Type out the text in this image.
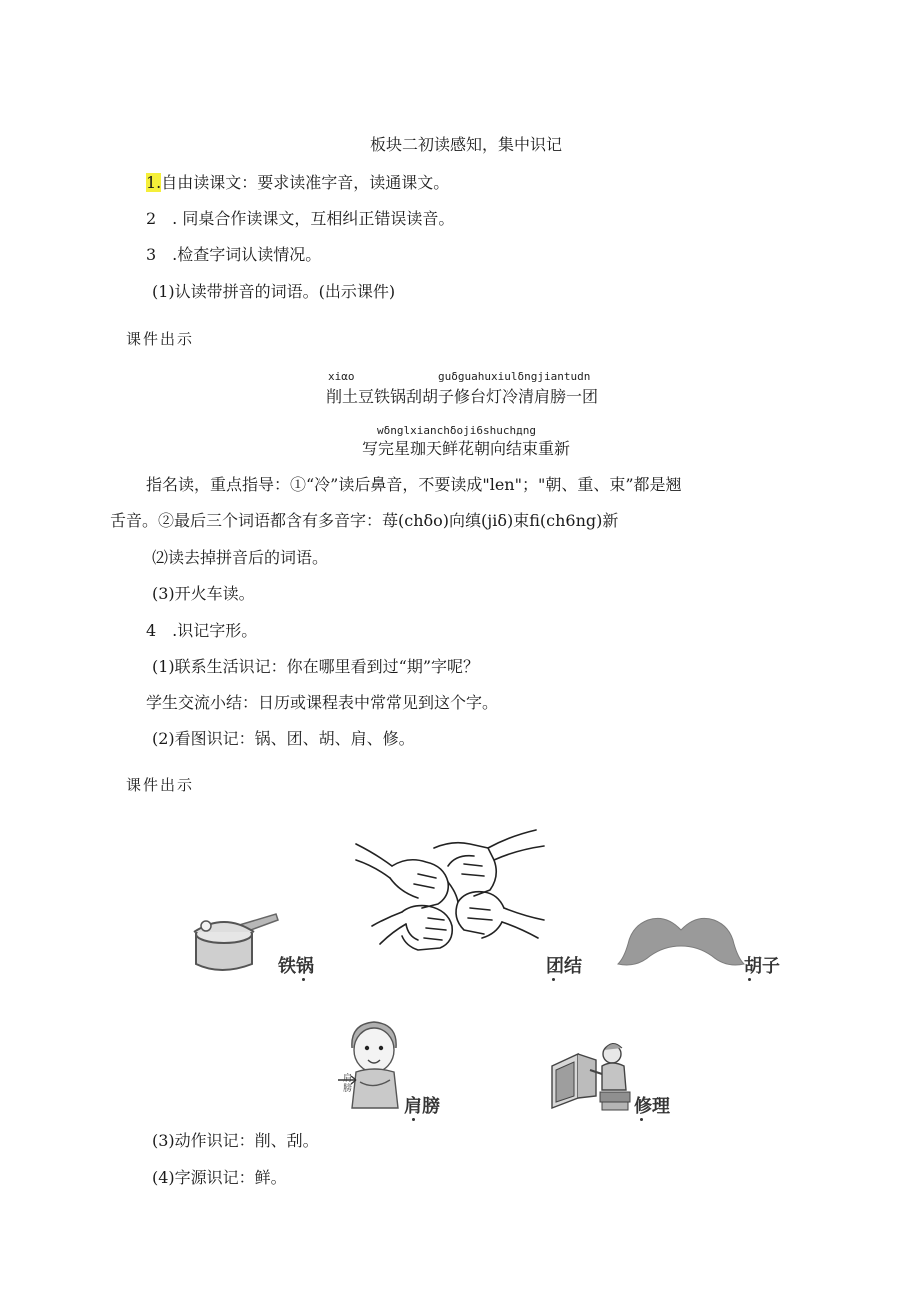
板块二初读感知，集中识记
1.自由读课文：要求读准字音，读通课文。
2　. 同桌合作读课文，互相纠正错误读音。
3　.检查字词认读情况。
(1)认读带拼音的词语。(出示课件)
课件出示
xiαo	guδguahuxiulδngjiantudn
削土豆铁锅刮胡子修台灯冷清肩膀一团
wδnglxianchδoji6shuchдng
写完星珈天鲜花朝向结束重新
指名读，重点指导：①“冷”读后鼻音，不要读成"len"；"朝、重、束”都是翘
舌音。②最后三个词语都含有多音字：苺(chδo)向缜(jiδ)束fi(ch6ng)新
⑵读去掉拼音后的词语。
(3)开火车读。
4　.识记字形。
(1)联系生活识记：你在哪里看到过“期”字呢？
学生交流小结：日历或课程表中常常见到这个字。
(2)看图识记：锅、团、胡、肩、修。
课件出示
铁锅	团结	胡子
肩膀
肩膀	修理
(3)动作识记：削、刮。
(4)字源识记：鲜。
